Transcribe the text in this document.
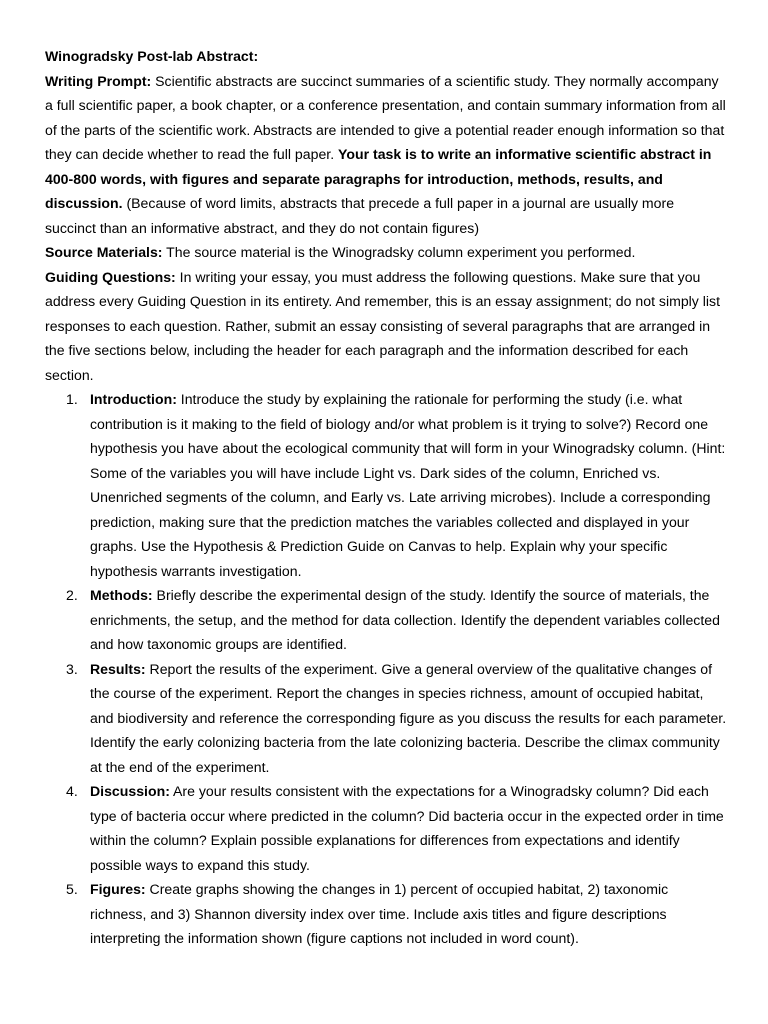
Winogradsky Post-lab Abstract:

Writing Prompt: Scientific abstracts are succinct summaries of a scientific study. They normally accompany a full scientific paper, a book chapter, or a conference presentation, and contain summary information from all of the parts of the scientific work. Abstracts are intended to give a potential reader enough information so that they can decide whether to read the full paper. Your task is to write an informative scientific abstract in 400-800 words, with figures and separate paragraphs for introduction, methods, results, and discussion. (Because of word limits, abstracts that precede a full paper in a journal are usually more succinct than an informative abstract, and they do not contain figures)

Source Materials: The source material is the Winogradsky column experiment you performed.

Guiding Questions: In writing your essay, you must address the following questions. Make sure that you address every Guiding Question in its entirety. And remember, this is an essay assignment; do not simply list responses to each question. Rather, submit an essay consisting of several paragraphs that are arranged in the five sections below, including the header for each paragraph and the information described for each section.

1. Introduction: Introduce the study by explaining the rationale for performing the study (i.e. what contribution is it making to the field of biology and/or what problem is it trying to solve?) Record one hypothesis you have about the ecological community that will form in your Winogradsky column. (Hint: Some of the variables you will have include Light vs. Dark sides of the column, Enriched vs. Unenriched segments of the column, and Early vs. Late arriving microbes). Include a corresponding prediction, making sure that the prediction matches the variables collected and displayed in your graphs. Use the Hypothesis & Prediction Guide on Canvas to help. Explain why your specific hypothesis warrants investigation.
2. Methods: Briefly describe the experimental design of the study. Identify the source of materials, the enrichments, the setup, and the method for data collection. Identify the dependent variables collected and how taxonomic groups are identified.
3. Results: Report the results of the experiment. Give a general overview of the qualitative changes of the course of the experiment. Report the changes in species richness, amount of occupied habitat, and biodiversity and reference the corresponding figure as you discuss the results for each parameter. Identify the early colonizing bacteria from the late colonizing bacteria. Describe the climax community at the end of the experiment.
4. Discussion: Are your results consistent with the expectations for a Winogradsky column? Did each type of bacteria occur where predicted in the column? Did bacteria occur in the expected order in time within the column? Explain possible explanations for differences from expectations and identify possible ways to expand this study.
5. Figures: Create graphs showing the changes in 1) percent of occupied habitat, 2) taxonomic richness, and 3) Shannon diversity index over time. Include axis titles and figure descriptions interpreting the information shown (figure captions not included in word count).
